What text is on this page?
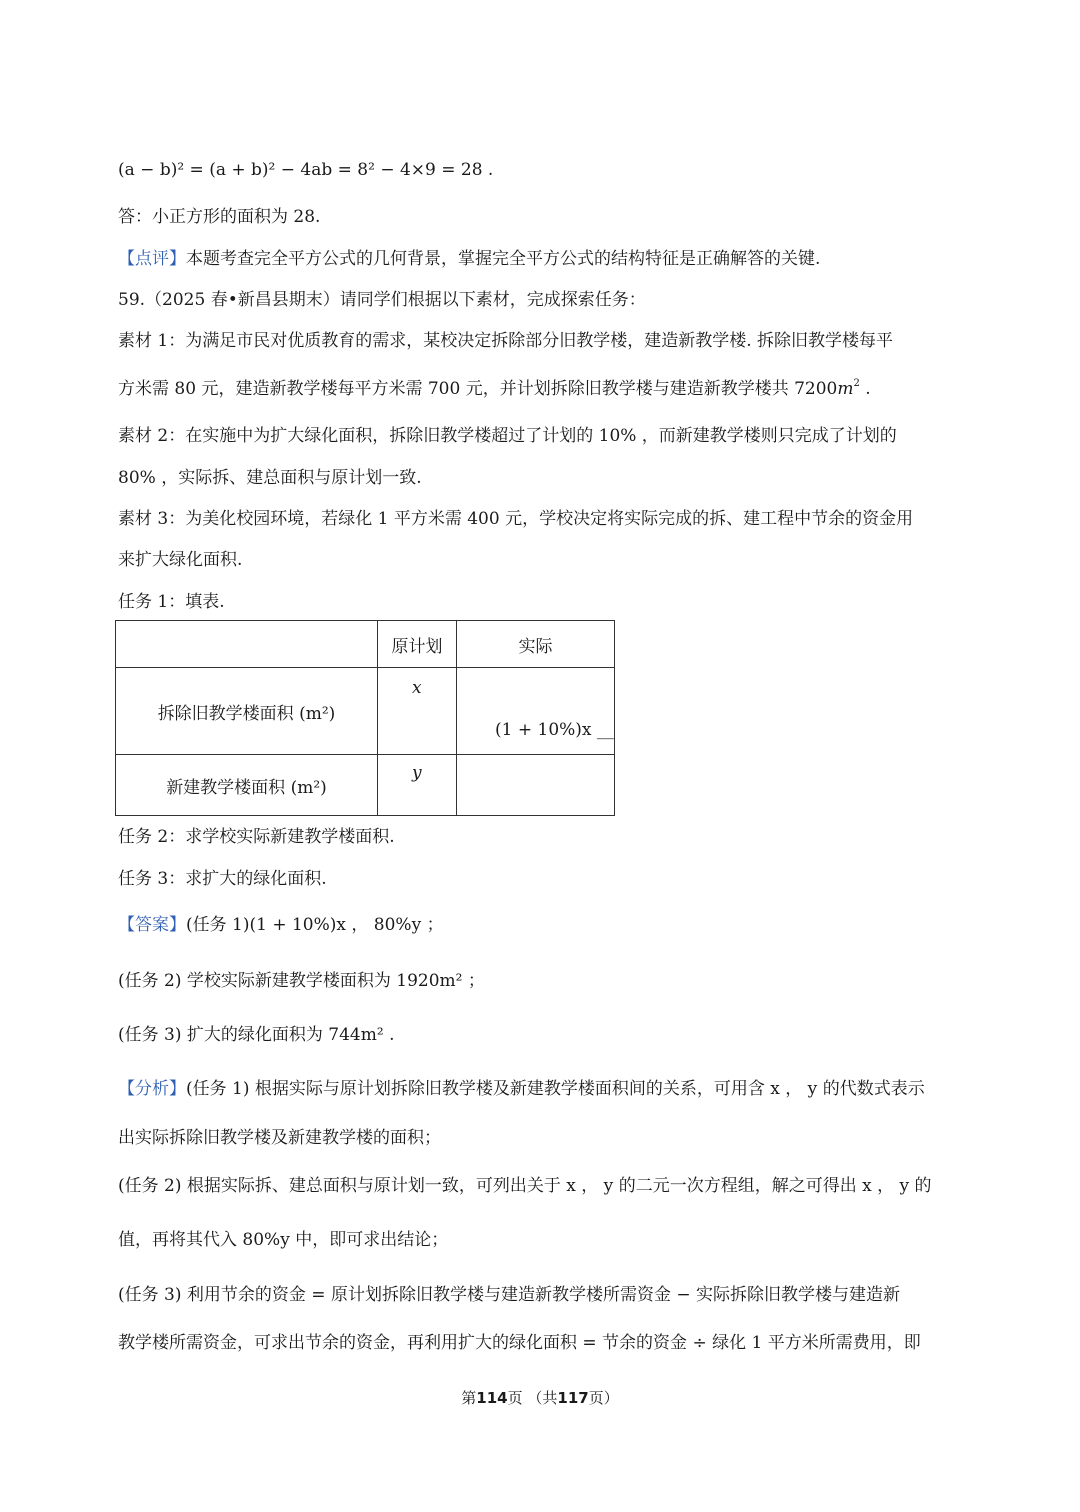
(a − b)² = (a + b)² − 4ab = 8² − 4×9 = 28 .
答：小正方形的面积为 28.
【点评】本题考查完全平方公式的几何背景，掌握完全平方公式的结构特征是正确解答的关键.
59.（2025 春•新昌县期末）请同学们根据以下素材，完成探索任务：
素材 1：为满足市民对优质教育的需求，某校决定拆除部分旧教学楼，建造新教学楼. 拆除旧教学楼每平
方米需 80 元，建造新教学楼每平方米需 700 元，并计划拆除旧教学楼与建造新教学楼共 $7200m^2$ .
素材 2：在实施中为扩大绿化面积，拆除旧教学楼超过了计划的 10% ，而新建教学楼则只完成了计划的
80% ，实际拆、建总面积与原计划一致.
素材 3：为美化校园环境，若绿化 1 平方米需 400 元，学校决定将实际完成的拆、建工程中节余的资金用
来扩大绿化面积.
任务 1：填表.
	原计划	实际
拆除旧教学楼面积 (m²)	x	(1 + 10%)x __

新建教学楼面积 (m²)	y	

任务 2：求学校实际新建教学楼面积.
任务 3：求扩大的绿化面积.
【答案】(任务 1)(1 + 10%)x ， 80%y ；
(任务 2) 学校实际新建教学楼面积为 1920m² ；
(任务 3) 扩大的绿化面积为 744m² .
【分析】(任务 1) 根据实际与原计划拆除旧教学楼及新建教学楼面积间的关系，可用含 x ， y 的代数式表示
出实际拆除旧教学楼及新建教学楼的面积；
(任务 2) 根据实际拆、建总面积与原计划一致，可列出关于 x ， y 的二元一次方程组，解之可得出 x ， y 的
值，再将其代入 80%y 中，即可求出结论；
(任务 3) 利用节余的资金 = 原计划拆除旧教学楼与建造新教学楼所需资金 − 实际拆除旧教学楼与建造新
教学楼所需资金，可求出节余的资金，再利用扩大的绿化面积 = 节余的资金 ÷ 绿化 1 平方米所需费用，即
第114页 （共117页）
